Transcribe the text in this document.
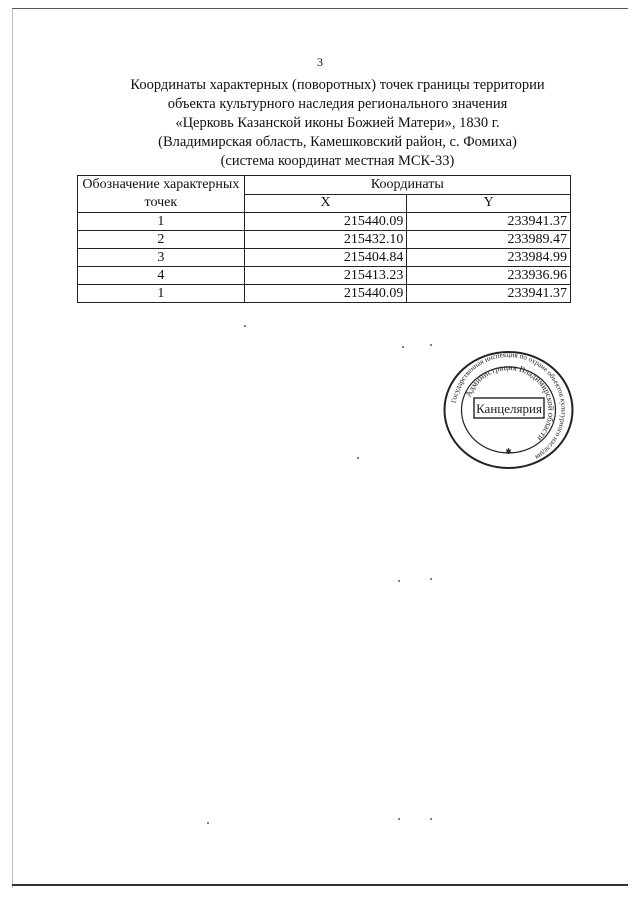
3
Координаты характерных (поворотных) точек границы территории
объекта культурного наследия регионального значения
«Церковь Казанской иконы Божией Матери», 1830 г.
(Владимирская область, Камешковский район, с. Фомиха)
(система координат местная МСК-33)
Обозначение характерных точек	Координаты	
	X	Y
1	215440.09	233941.37
2	215432.10	233989.47
3	215404.84	233984.99
4	215413.23	233936.96
1	215440.09	233941.37
Государственная инспекция по охране объектов культурного наследия
Администрация Владимирской области
Канцелярия
✱
